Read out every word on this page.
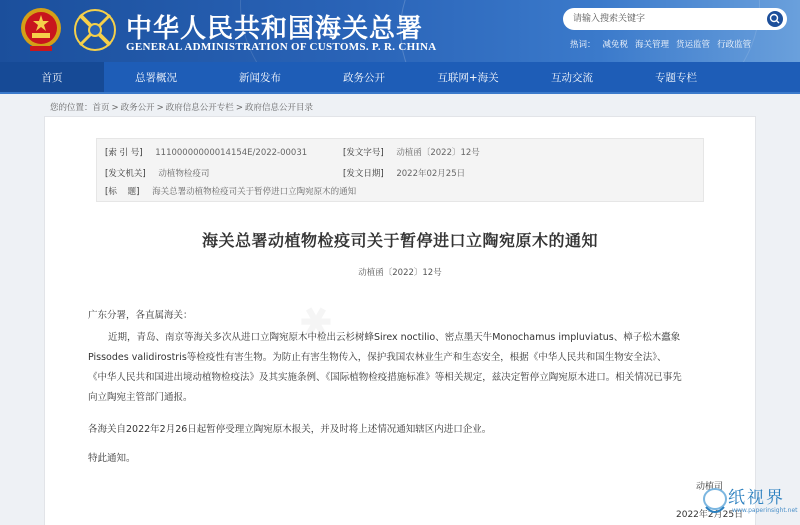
中华人民共和国海关总署
GENERAL ADMINISTRATION OF CUSTOMS. P. R. CHINA
请输入搜索关键字	热词： 减免税 海关管理 货运监管 行政监管
首页	总署概况	新闻发布	政务公开	互联网+海关	互动交流	专题专栏
您的位置：首页 > 政务公开 > 政府信息公开专栏 > 政府信息公开目录
[索 引 号] 11100000000014154E/2022-00031	[发文字号] 动植函〔2022〕12号
[发文机关] 动植物检疫司	[发文日期] 2022年02月25日
[标    题] 海关总署动植物检疫司关于暂停进口立陶宛原木的通知
海关总署动植物检疫司关于暂停进口立陶宛原木的通知
动植函〔2022〕12号
广东分署，各直属海关：
近期，青岛、南京等海关多次从进口立陶宛原木中检出云杉树蜂Sirex noctilio、密点墨天牛Monochamus impluviatus、樟子松木蠹象
Pissodes validirostris等检疫性有害生物。为防止有害生物传入，保护我国农林业生产和生态安全，根据《中华人民共和国生物安全法》、
《中华人民共和国进出境动植物检疫法》及其实施条例、《国际植物检疫措施标准》等相关规定，兹决定暂停立陶宛原木进口。相关情况已事先
向立陶宛主管部门通报。
各海关自2022年2月26日起暂停受理立陶宛原木报关，并及时将上述情况通知辖区内进口企业。
特此通知。
动植司
2022年2月25日
纸视界
www.paperinsight.net
